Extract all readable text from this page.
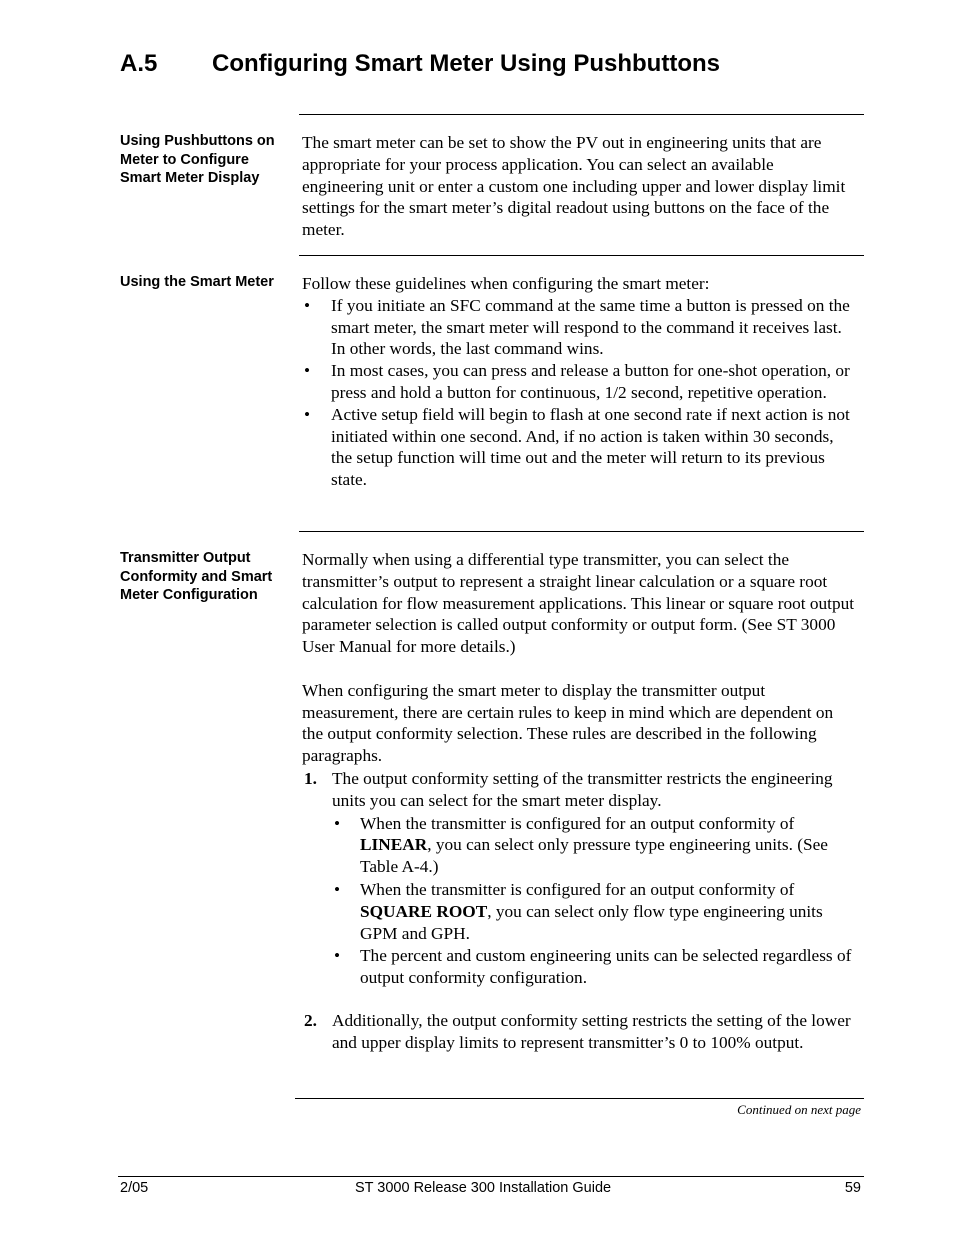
A.5 Configuring Smart Meter Using Pushbuttons
Using Pushbuttons on Meter to Configure Smart Meter Display

The smart meter can be set to show the PV out in engineering units that are appropriate for your process application. You can select an available engineering unit or enter a custom one including upper and lower display limit settings for the smart meter’s digital readout using buttons on the face of the meter.

Using the Smart Meter	Follow these guidelines when configuring the smart meter:

• If you initiate an SFC command at the same time a button is pressed on the smart meter, the smart meter will respond to the command it receives last. In other words, the last command wins.
• In most cases, you can press and release a button for one-shot operation, or press and hold a button for continuous, 1/2 second, repetitive operation.
• Active setup field will begin to flash at one second rate if next action is not initiated within one second. And, if no action is taken within 30 seconds, the setup function will time out and the meter will return to its previous state.
Transmitter Output Conformity and Smart Meter Configuration

Normally when using a differential type transmitter, you can select the transmitter’s output to represent a straight linear calculation or a square root calculation for flow measurement applications. This linear or square root output parameter selection is called output conformity or output form. (See ST 3000 User Manual for more details.)

When configuring the smart meter to display the transmitter output measurement, there are certain rules to keep in mind which are dependent on the output conformity selection. These rules are described in the following paragraphs.

1. The output conformity setting of the transmitter restricts the engineering units you can select for the smart meter display.
• When the transmitter is configured for an output conformity of LINEAR, you can select only pressure type engineering units. (See Table A-4.)
• When the transmitter is configured for an output conformity of SQUARE ROOT, you can select only flow type engineering units GPM and GPH.
• The percent and custom engineering units can be selected regardless of output conformity configuration.
2. Additionally, the output conformity setting restricts the setting of the lower and upper display limits to represent transmitter’s 0 to 100% output.
Continued on next page
2/05	ST 3000 Release 300 Installation Guide	59
